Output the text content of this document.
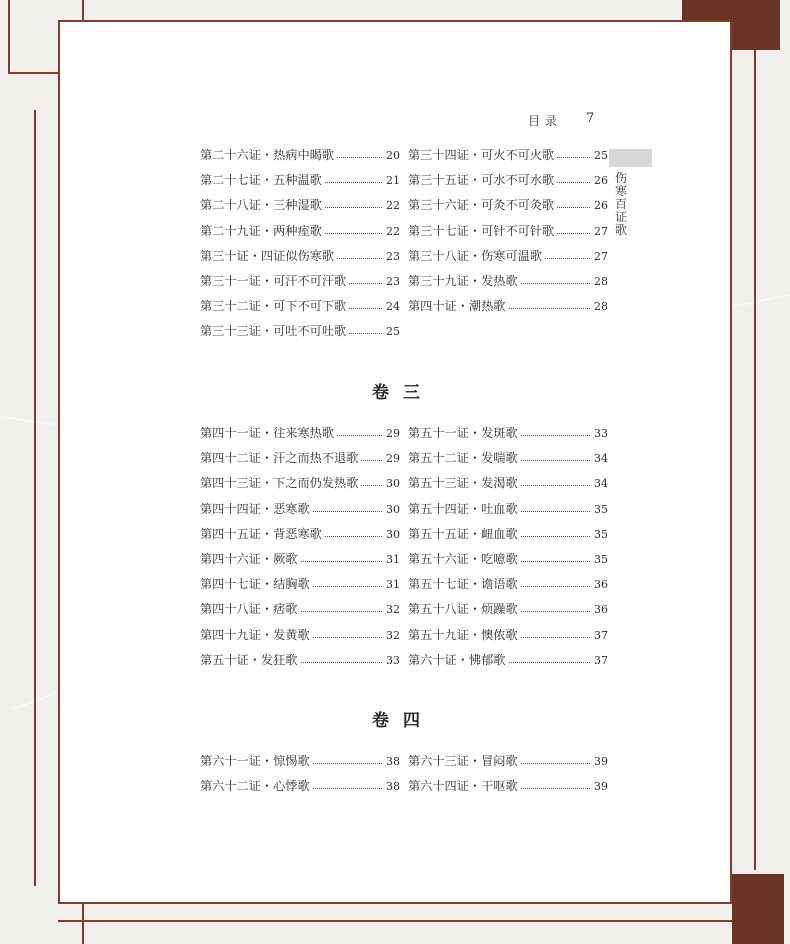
目录 7
伤寒百证歌
第二十六证・热病中暍歌	20
第二十七证・五种温歌	21
第二十八证・三种湿歌	22
第二十九证・两种痓歌	22
第三十证・四证似伤寒歌	23
第三十一证・可汗不可汗歌	23
第三十二证・可下不可下歌	24
第三十三证・可吐不可吐歌	25
第三十四证・可火不可火歌	25
第三十五证・可水不可水歌	26
第三十六证・可灸不可灸歌	26
第三十七证・可针不可针歌	27
第三十八证・伤寒可温歌	27
第三十九证・发热歌	28
第四十证・潮热歌	28
卷三
第四十一证・往来寒热歌	29
第四十二证・汗之而热不退歌	29
第四十三证・下之而仍发热歌	30
第四十四证・恶寒歌	30
第四十五证・背恶寒歌	30
第四十六证・厥歌	31
第四十七证・结胸歌	31
第四十八证・痞歌	32
第四十九证・发黄歌	32
第五十证・发狂歌	33
第五十一证・发斑歌	33
第五十二证・发喘歌	34
第五十三证・发渴歌	34
第五十四证・吐血歌	35
第五十五证・衄血歌	35
第五十六证・吃噫歌	35
第五十七证・谵语歌	36
第五十八证・烦躁歌	36
第五十九证・懊侬歌	37
第六十证・怫郁歌	37
卷四
第六十一证・惊惕歌	38
第六十二证・心悸歌	38
第六十三证・冒闷歌	39
第六十四证・干呕歌	39
